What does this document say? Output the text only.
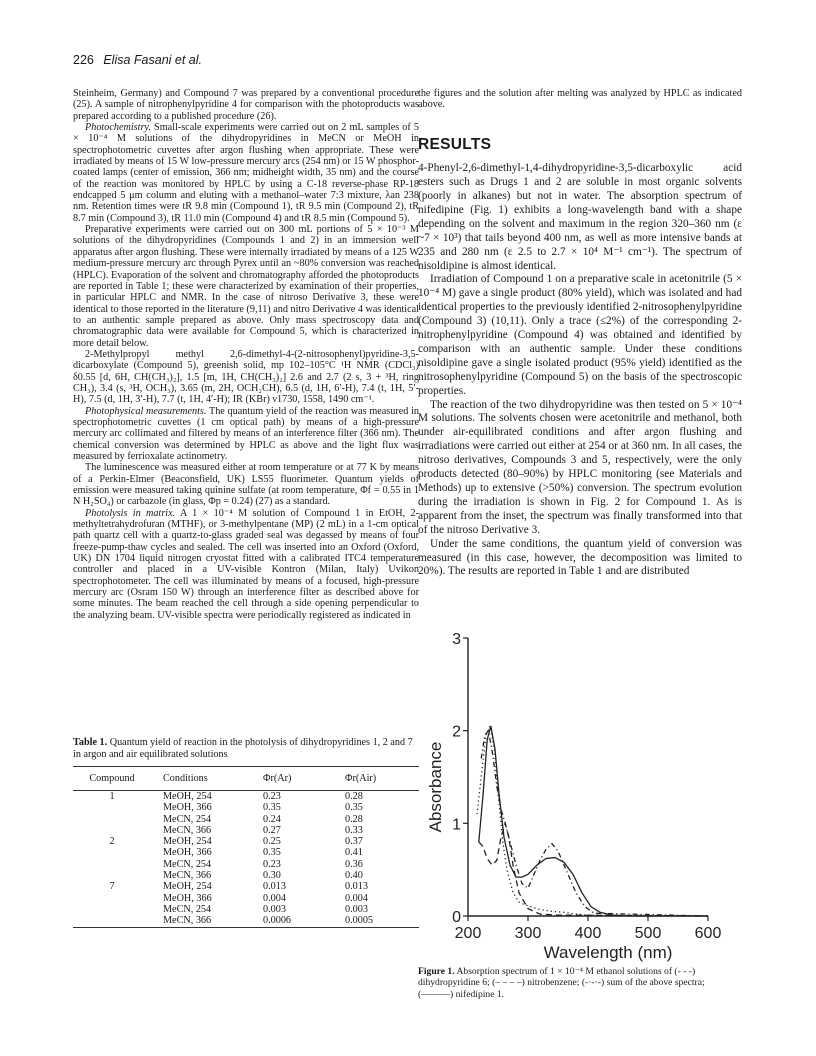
226 Elisa Fasani et al.

Steinheim, Germany) and Compound 7 was prepared by a conventional procedure (25). A sample of nitrophenylpyridine 4 for comparison with the photoproducts was prepared according to a published procedure (26).

Photochemistry. Small-scale experiments were carried out on 2 mL samples of 5 × 10⁻⁴ M solutions of the dihydropyridines in MeCN or MeOH in spectrophotometric cuvettes after argon flushing when appropriate. These were irradiated by means of 15 W low-pressure mercury arcs (254 nm) or 15 W phosphor-coated lamps (center of emission, 366 nm; midheight width, 35 nm) and the course of the reaction was monitored by HPLC by using a C-18 reverse-phase RP-18 endcapped 5 μm column and eluting with a methanol–water 7:3 mixture, λan 238 nm. Retention times were tR 9.8 min (Compound 1), tR 9.5 min (Compound 2), tR 8.7 min (Compound 3), tR 11.0 min (Compound 4) and tR 8.5 min (Compound 5).

Preparative experiments were carried out on 300 mL portions of 5 × 10⁻³ M solutions of the dihydropyridines (Compounds 1 and 2) in an immersion well apparatus after argon flushing. These were internally irradiated by means of a 125 W medium-pressure mercury arc through Pyrex until an ~80% conversion was reached (HPLC). Evaporation of the solvent and chromatography afforded the photoproducts are reported in Table 1; these were characterized by examination of their properties, in particular HPLC and NMR. In the case of nitroso Derivative 3, these were identical to those reported in the literature (9,11) and nitro Derivative 4 was identical to an authentic sample prepared as above. Only mass spectroscopy data and chromatographic data were available for Compound 5, which is characterized in more detail below.

2-Methylpropyl methyl 2,6-dimethyl-4-(2-nitrosophenyl)pyridine-3,5-dicarboxylate (Compound 5), greenish solid, mp 102–105°C ¹H NMR (CDCl₃) δ0.55 [d, 6H, CH(CH₃)₂], 1.5 [m, 1H, CH(CH₃)₂] 2.6 and 2.7 (2 s, 3 + ³H, ring CH₃), 3.4 (s, ³H, OCH₃), 3.65 (m, 2H, OCH₂CH), 6.5 (d, 1H, 6′-H), 7.4 (t, 1H, 5′-H), 7.5 (d, 1H, 3′-H), 7.7 (t, 1H, 4′-H); IR (KBr) ν1730, 1558, 1490 cm⁻¹.

Photophysical measurements. The quantum yield of the reaction was measured in spectrophotometric cuvettes (1 cm optical path) by means of a high-pressure mercury arc collimated and filtered by means of an interference filter (366 nm). The chemical conversion was determined by HPLC as above and the light flux was measured by ferrioxalate actinometry.

The luminescence was measured either at room temperature or at 77 K by means of a Perkin-Elmer (Beaconsfield, UK) LS55 fluorimeter. Quantum yields of emission were measured taking quinine sulfate (at room temperature, Φf = 0.55 in 1 N H₂SO₄) or carbazole (in glass, Φp = 0.24) (27) as a standard.

Photolysis in matrix. A 1 × 10⁻⁴ M solution of Compound 1 in EtOH, 2-methyltetrahydrofuran (MTHF), or 3-methylpentane (MP) (2 mL) in a 1-cm optical path quartz cell with a quartz-to-glass graded seal was degassed by means of four freeze-pump-thaw cycles and sealed. The cell was inserted into an Oxford (Oxford, UK) DN 1704 liquid nitrogen cryostat fitted with a calibrated ITC4 temperature controller and placed in a UV-visible Kontron (Milan, Italy) Uvikon spectrophotometer. The cell was illuminated by means of a focused, high-pressure mercury arc (Osram 150 W) through an interference filter as described above for some minutes. The beam reached the cell through a side opening perpendicular to the analyzing beam. UV-visible spectra were periodically registered as indicated in

Table 1. Quantum yield of reaction in the photolysis of dihydropyridines 1, 2 and 7 in argon and air equilibrated solutions
Compound	Conditions	Φr(Ar)	Φr(Air)
1	MeOH, 254	0.23	0.28
	MeOH, 366	0.35	0.35
	MeCN, 254	0.24	0.28
	MeCN, 366	0.27	0.33
2	MeOH, 254	0.25	0.37
	MeOH, 366	0.35	0.41
	MeCN, 254	0.23	0.36
	MeCN, 366	0.30	0.40
7	MeOH, 254	0.013	0.013
	MeOH, 366	0.004	0.004
	MeCN, 254	0.003	0.003
	MeCN, 366	0.0006	0.0005

the figures and the solution after melting was analyzed by HPLC as indicated above.

RESULTS

4-Phenyl-2,6-dimethyl-1,4-dihydropyridine-3,5-dicarboxylic acid esters such as Drugs 1 and 2 are soluble in most organic solvents (poorly in alkanes) but not in water. The absorption spectrum of nifedipine (Fig. 1) exhibits a long-wavelength band with a shape depending on the solvent and maximum in the region 320–360 nm (ε ~7 × 10³) that tails beyond 400 nm, as well as more intensive bands at 235 and 280 nm (ε 2.5 to 2.7 × 10⁴ M⁻¹ cm⁻¹). The spectrum of nisoldipine is almost identical.

Irradiation of Compound 1 on a preparative scale in acetonitrile (5 × 10⁻⁴ M) gave a single product (80% yield), which was isolated and had identical properties to the previously identified 2-nitrosophenylpyridine (Compound 3) (10,11). Only a trace (≤2%) of the corresponding 2-nitrophenylpyridine (Compound 4) was obtained and identified by comparison with an authentic sample. Under these conditions nisoldipine gave a single isolated product (95% yield) identified as the nitrosophenylpyridine (Compound 5) on the basis of the spectroscopic properties.

The reaction of the two dihydropyridine was then tested on 5 × 10⁻⁴ M solutions. The solvents chosen were acetonitrile and methanol, both under air-equilibrated conditions and after argon flushing and irradiations were carried out either at 254 or at 360 nm. In all cases, the nitroso derivatives, Compounds 3 and 5, respectively, were the only products detected (80–90%) by HPLC monitoring (see Materials and Methods) up to extensive (>50%) conversion. The spectrum evolution during the irradiation is shown in Fig. 2 for Compound 1. As is apparent from the inset, the spectrum was finally transformed into that of the nitroso Derivative 3.

Under the same conditions, the quantum yield of conversion was measured (in this case, however, the decomposition was limited to 20%). The results are reported in Table 1 and are distributed

0
1
2
3
200 300 400 500 600
Wavelength (nm)
Absorbance
Figure 1. Absorption spectrum of 1 × 10⁻⁴ M ethanol solutions of (- - -) dihydropyridine 6; (– – – –) nitrobenzene; (-·-·-) sum of the above spectra; (———) nifedipine 1.
